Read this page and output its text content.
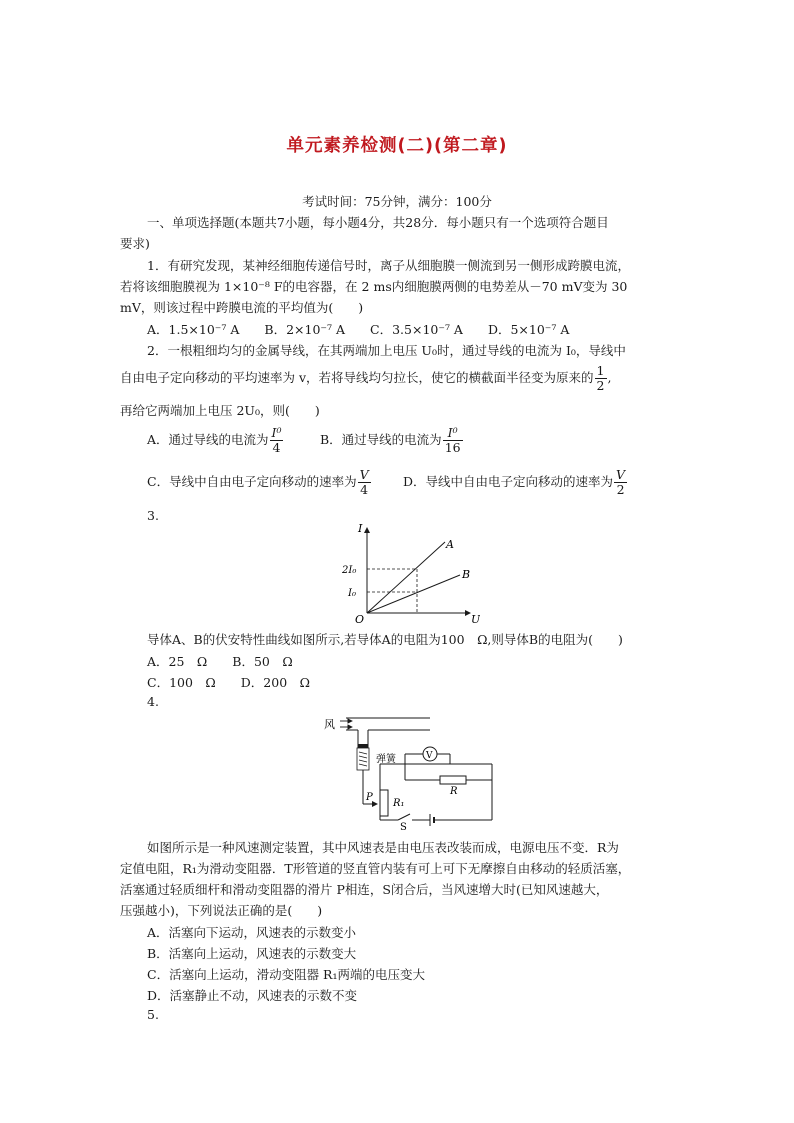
单元素养检测(二)(第二章)
考试时间：75分钟，满分：100分
一、单项选择题(本题共7小题，每小题4分，共28分．每小题只有一个选项符合题目
要求)
1．有研究发现，某神经细胞传递信号时，离子从细胞膜一侧流到另一侧形成跨膜电流，
若将该细胞膜视为 1×10⁻⁸ F的电容器，在 2 ms内细胞膜两侧的电势差从－70 mV变为 30
mV，则该过程中跨膜电流的平均值为(　　)
A．1.5×10⁻⁷ A　　B．2×10⁻⁷ A　　C．3.5×10⁻⁷ A　　D．5×10⁻⁷ A
2．一根粗细均匀的金属导线，在其两端加上电压 U₀时，通过导线的电流为 I₀，导线中
自由电子定向移动的平均速率为 v，若将导线均匀拉长，使它的横截面半径变为原来的 $\frac{1}{2}$ ,
再给它两端加上电压 2U₀，则(　　)
A．通过导线的电流为 $\frac{\text{I⁰}}{4}$	B．通过导线的电流为 $\frac{\text{I⁰}}{16}$
C．导线中自由电子定向移动的速率为 $\frac{V}{4}$	D．导线中自由电子定向移动的速率为 $\frac{V}{2}$
3.
I
U
O
2I₀
I₀
A
B
导体A、B的伏安特性曲线如图所示,若导体A的电阻为100　Ω,则导体B的电阻为(　　)
A．25　Ω　　B．50　Ω
C．100　Ω　　D．200　Ω
4.
风
弹簧	V
R
R₁
P
S
如图所示是一种风速测定装置，其中风速表是由电压表改装而成，电源电压不变．R为
定值电阻，R₁为滑动变阻器．T形管道的竖直管内装有可上可下无摩擦自由移动的轻质活塞，
活塞通过轻质细杆和滑动变阻器的滑片 P相连，S闭合后，当风速增大时(已知风速越大，
压强越小)，下列说法正确的是(　　)
A．活塞向下运动，风速表的示数变小
B．活塞向上运动，风速表的示数变大
C．活塞向上运动，滑动变阻器 R₁两端的电压变大
D．活塞静止不动，风速表的示数不变
5.
